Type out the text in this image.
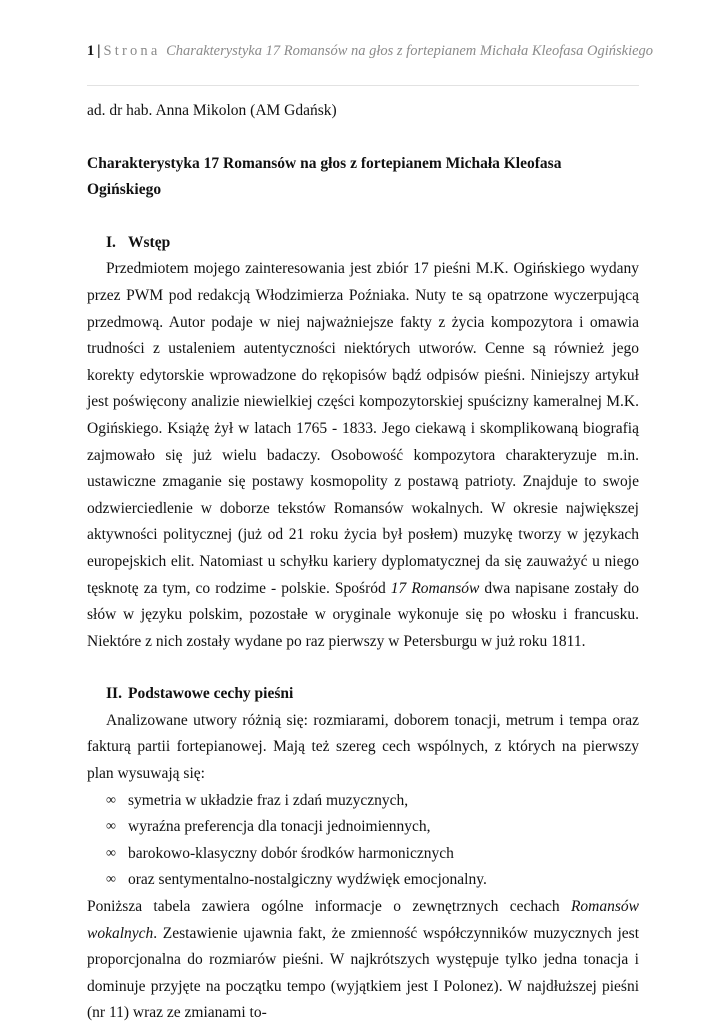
1 | Strona Charakterystyka 17 Romansów na głos z fortepianem Michała Kleofasa Ogińskiego

ad. dr hab. Anna Mikolon (AM Gdańsk)

Charakterystyka 17 Romansów na głos z fortepianem Michała Kleofasa Ogińskiego

I. Wstęp

Przedmiotem mojego zainteresowania jest zbiór 17 pieśni M.K. Ogińskiego wydany przez PWM pod redakcją Włodzimierza Poźniaka. Nuty te są opatrzone wyczerpującą przedmową. Autor podaje w niej najważniejsze fakty z życia kompozytora i omawia trudności z ustaleniem autentyczności niektórych utworów. Cenne są również jego korekty edytorskie wprowadzone do rękopisów bądź odpisów pieśni. Niniejszy artykuł jest poświęcony analizie niewielkiej części kompozytorskiej spuścizny kameralnej M.K. Ogińskiego. Książę żył w latach 1765 - 1833. Jego ciekawą i skomplikowaną biografią zajmowało się już wielu badaczy. Osobowość kompozytora charakteryzuje m.in. ustawiczne zmaganie się postawy kosmopolity z postawą patrioty. Znajduje to swoje odzwierciedlenie w doborze tekstów Romansów wokalnych. W okresie największej aktywności politycznej (już od 21 roku życia był posłem) muzykę tworzy w językach europejskich elit. Natomiast u schyłku kariery dyplomatycznej da się zauważyć u niego tęsknotę za tym, co rodzime - polskie. Spośród 17 Romansów dwa napisane zostały do słów w języku polskim, pozostałe w oryginale wykonuje się po włosku i francusku. Niektóre z nich zostały wydane po raz pierwszy w Petersburgu w już roku 1811.

II. Podstawowe cechy pieśni

Analizowane utwory różnią się: rozmiarami, doborem tonacji, metrum i tempa oraz fakturą partii fortepianowej. Mają też szereg cech wspólnych, z których na pierwszy plan wysuwają się:

∞ symetria w układzie fraz i zdań muzycznych,
∞ wyraźna preferencja dla tonacji jednoimiennych,
∞ barokowo-klasyczny dobór środków harmonicznych
∞ oraz sentymentalno-nostalgiczny wydźwięk emocjonalny.

Poniższa tabela zawiera ogólne informacje o zewnętrznych cechach Romansów wokalnych. Zestawienie ujawnia fakt, że zmienność współczynników muzycznych jest proporcjonalna do rozmiarów pieśni. W najkrótszych występuje tylko jedna tonacja i dominuje przyjęte na początku tempo (wyjątkiem jest I Polonez). W najdłuższej pieśni (nr 11) wraz ze zmianami to-
